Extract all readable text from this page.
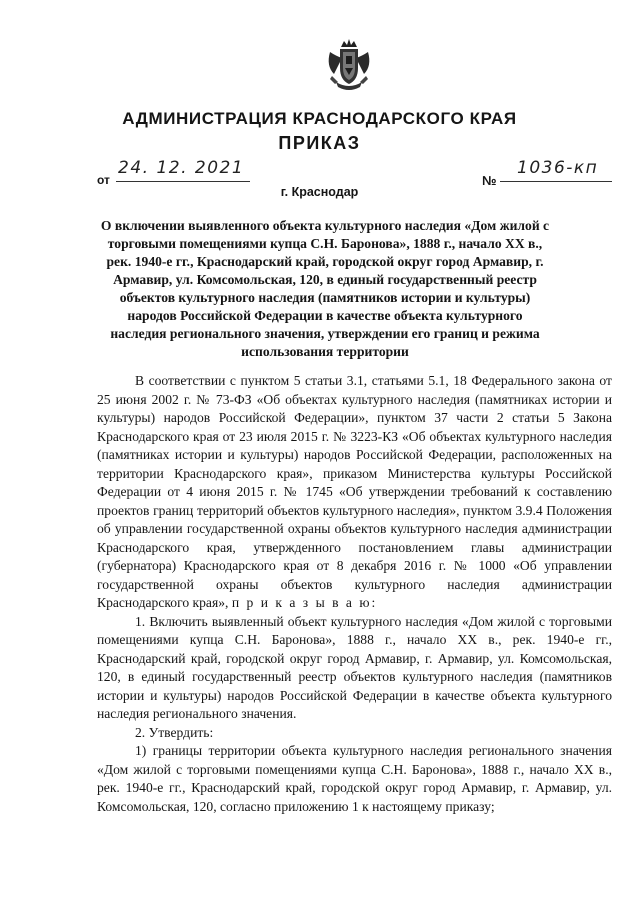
АДМИНИСТРАЦИЯ КРАСНОДАРСКОГО КРАЯ
ПРИКАЗ
от
24. 12. 2021
№
1036-кп
г. Краснодар
О включении выявленного объекта культурного наследия «Дом жилой с торговыми помещениями купца С.Н. Баронова», 1888 г., начало XX в., рек. 1940-е гг., Краснодарский край, городской округ город Армавир, г. Армавир, ул. Комсомольская, 120, в единый государственный реестр объектов культурного наследия (памятников истории и культуры) народов Российской Федерации в качестве объекта культурного наследия регионального значения, утверждении его границ и режима использования территории

В соответствии с пунктом 5 статьи 3.1, статьями 5.1, 18 Федерального закона от 25 июня 2002 г. № 73-ФЗ «Об объектах культурного наследия (памятниках истории и культуры) народов Российской Федерации», пунктом 37 части 2 статьи 5 Закона Краснодарского края от 23 июля 2015 г. № 3223-КЗ «Об объектах культурного наследия (памятниках истории и культуры) народов Российской Федерации, расположенных на территории Краснодарского края», приказом Министерства культуры Российской Федерации от 4 июня 2015 г. № 1745 «Об утверждении требований к составлению проектов границ территорий объектов культурного наследия», пунктом 3.9.4 Положения об управлении государственной охраны объектов культурного наследия администрации Краснодарского края, утвержденного постановлением главы администрации (губернатора) Краснодарского края от 8 декабря 2016 г. № 1000 «Об управлении государственной охраны объектов культурного наследия администрации Краснодарского края», п р и к а з ы в а ю:

1. Включить выявленный объект культурного наследия «Дом жилой с торговыми помещениями купца С.Н. Баронова», 1888 г., начало XX в., рек. 1940-е гг., Краснодарский край, городской округ город Армавир, г. Армавир, ул. Комсомольская, 120, в единый государственный реестр объектов культурного наследия (памятников истории и культуры) народов Российской Федерации в качестве объекта культурного наследия регионального значения.

2. Утвердить:

1) границы территории объекта культурного наследия регионального значения «Дом жилой с торговыми помещениями купца С.Н. Баронова», 1888 г., начало XX в., рек. 1940-е гг., Краснодарский край, городской округ город Армавир, г. Армавир, ул. Комсомольская, 120, согласно приложению 1 к настоящему приказу;
